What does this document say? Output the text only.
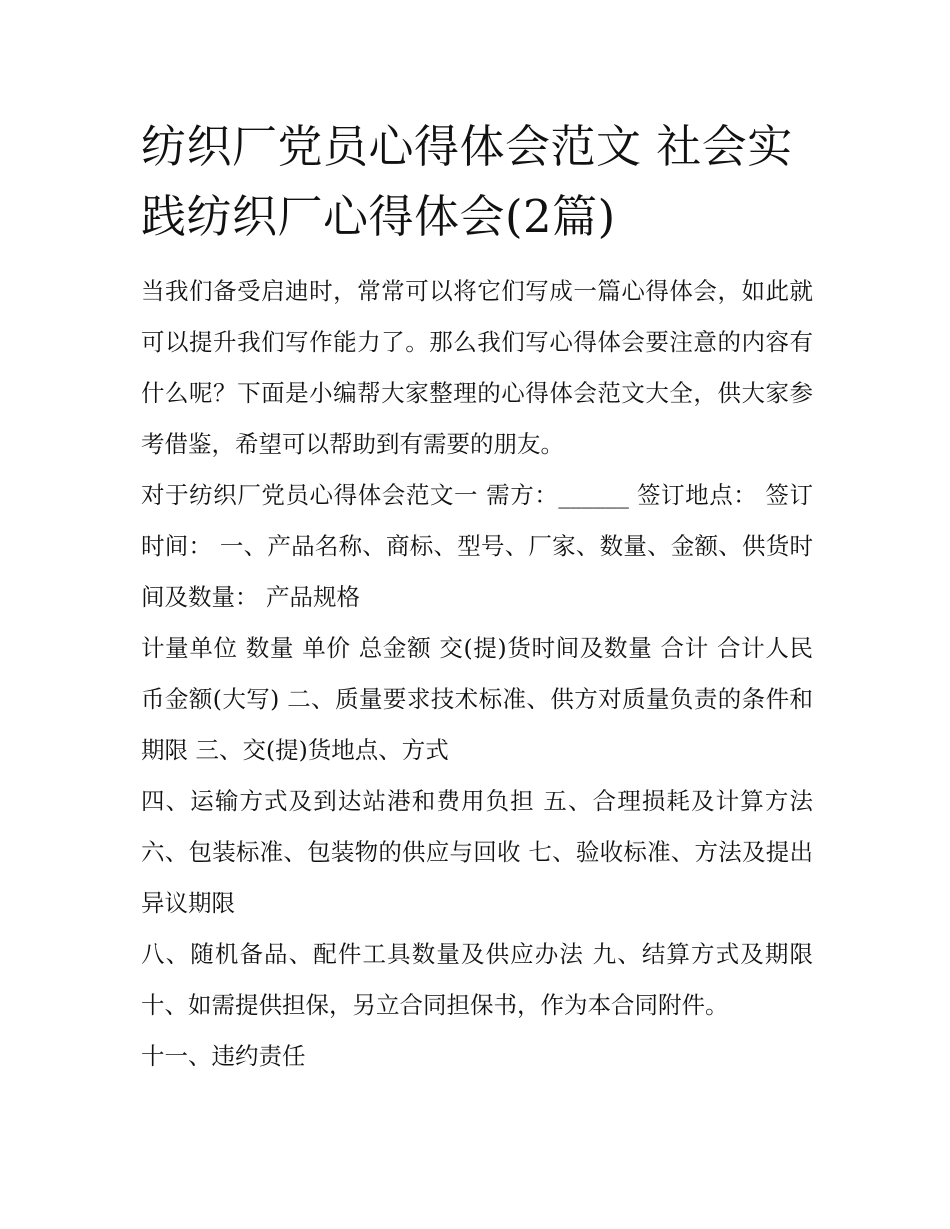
纺织厂党员心得体会范文 社会实践纺织厂心得体会(2篇)

当我们备受启迪时，常常可以将它们写成一篇心得体会，如此就可以提升我们写作能力了。那么我们写心得体会要注意的内容有什么呢？下面是小编帮大家整理的心得体会范文大全，供大家参考借鉴，希望可以帮助到有需要的朋友。

对于纺织厂党员心得体会范文一 需方：______ 签订地点： 签订时间： 一、产品名称、商标、型号、厂家、数量、金额、供货时间及数量： 产品规格

计量单位 数量 单价 总金额 交(提)货时间及数量 合计 合计人民币金额(大写) 二、质量要求技术标准、供方对质量负责的条件和期限 三、交(提)货地点、方式

四、运输方式及到达站港和费用负担 五、合理损耗及计算方法 六、包装标准、包装物的供应与回收 七、验收标准、方法及提出异议期限

八、随机备品、配件工具数量及供应办法 九、结算方式及期限 十、如需提供担保，另立合同担保书，作为本合同附件。

十一、违约责任
